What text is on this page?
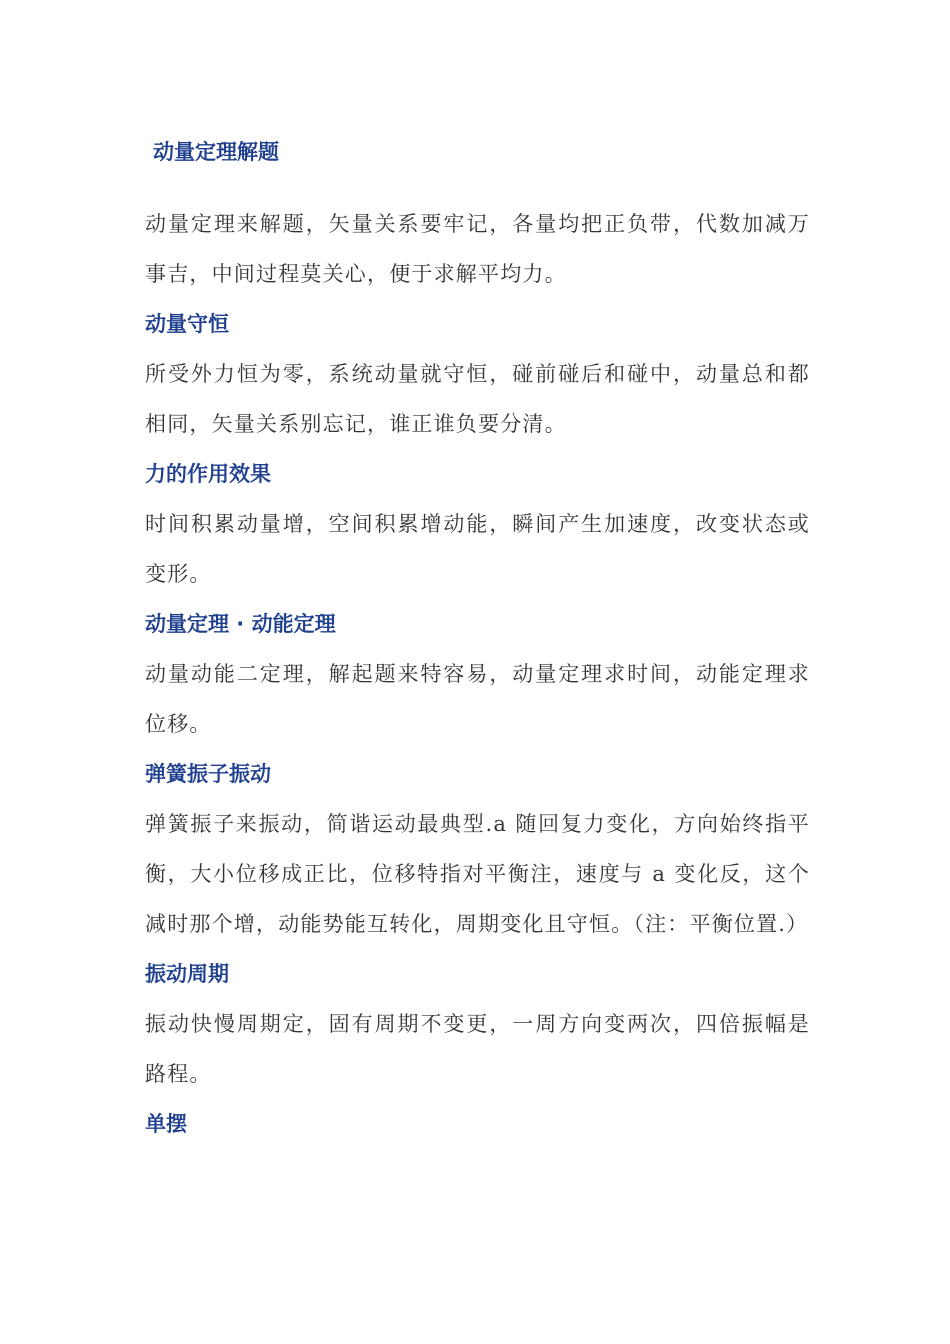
动量定理解题

动量定理来解题，矢量关系要牢记，各量均把正负带，代数加减万事吉，中间过程莫关心，便于求解平均力。

动量守恒

所受外力恒为零，系统动量就守恒，碰前碰后和碰中，动量总和都相同，矢量关系别忘记，谁正谁负要分清。

力的作用效果

时间积累动量增，空间积累增动能，瞬间产生加速度，改变状态或变形。

动量定理 · 动能定理

动量动能二定理，解起题来特容易，动量定理求时间，动能定理求位移。

弹簧振子振动

弹簧振子来振动，简谐运动最典型.a 随回复力变化，方向始终指平衡，大小位移成正比，位移特指对平衡注，速度与 a 变化反，这个减时那个增，动能势能互转化，周期变化且守恒。（注：平衡位置.）

振动周期

振动快慢周期定，固有周期不变更，一周方向变两次，四倍振幅是路程。

单摆
